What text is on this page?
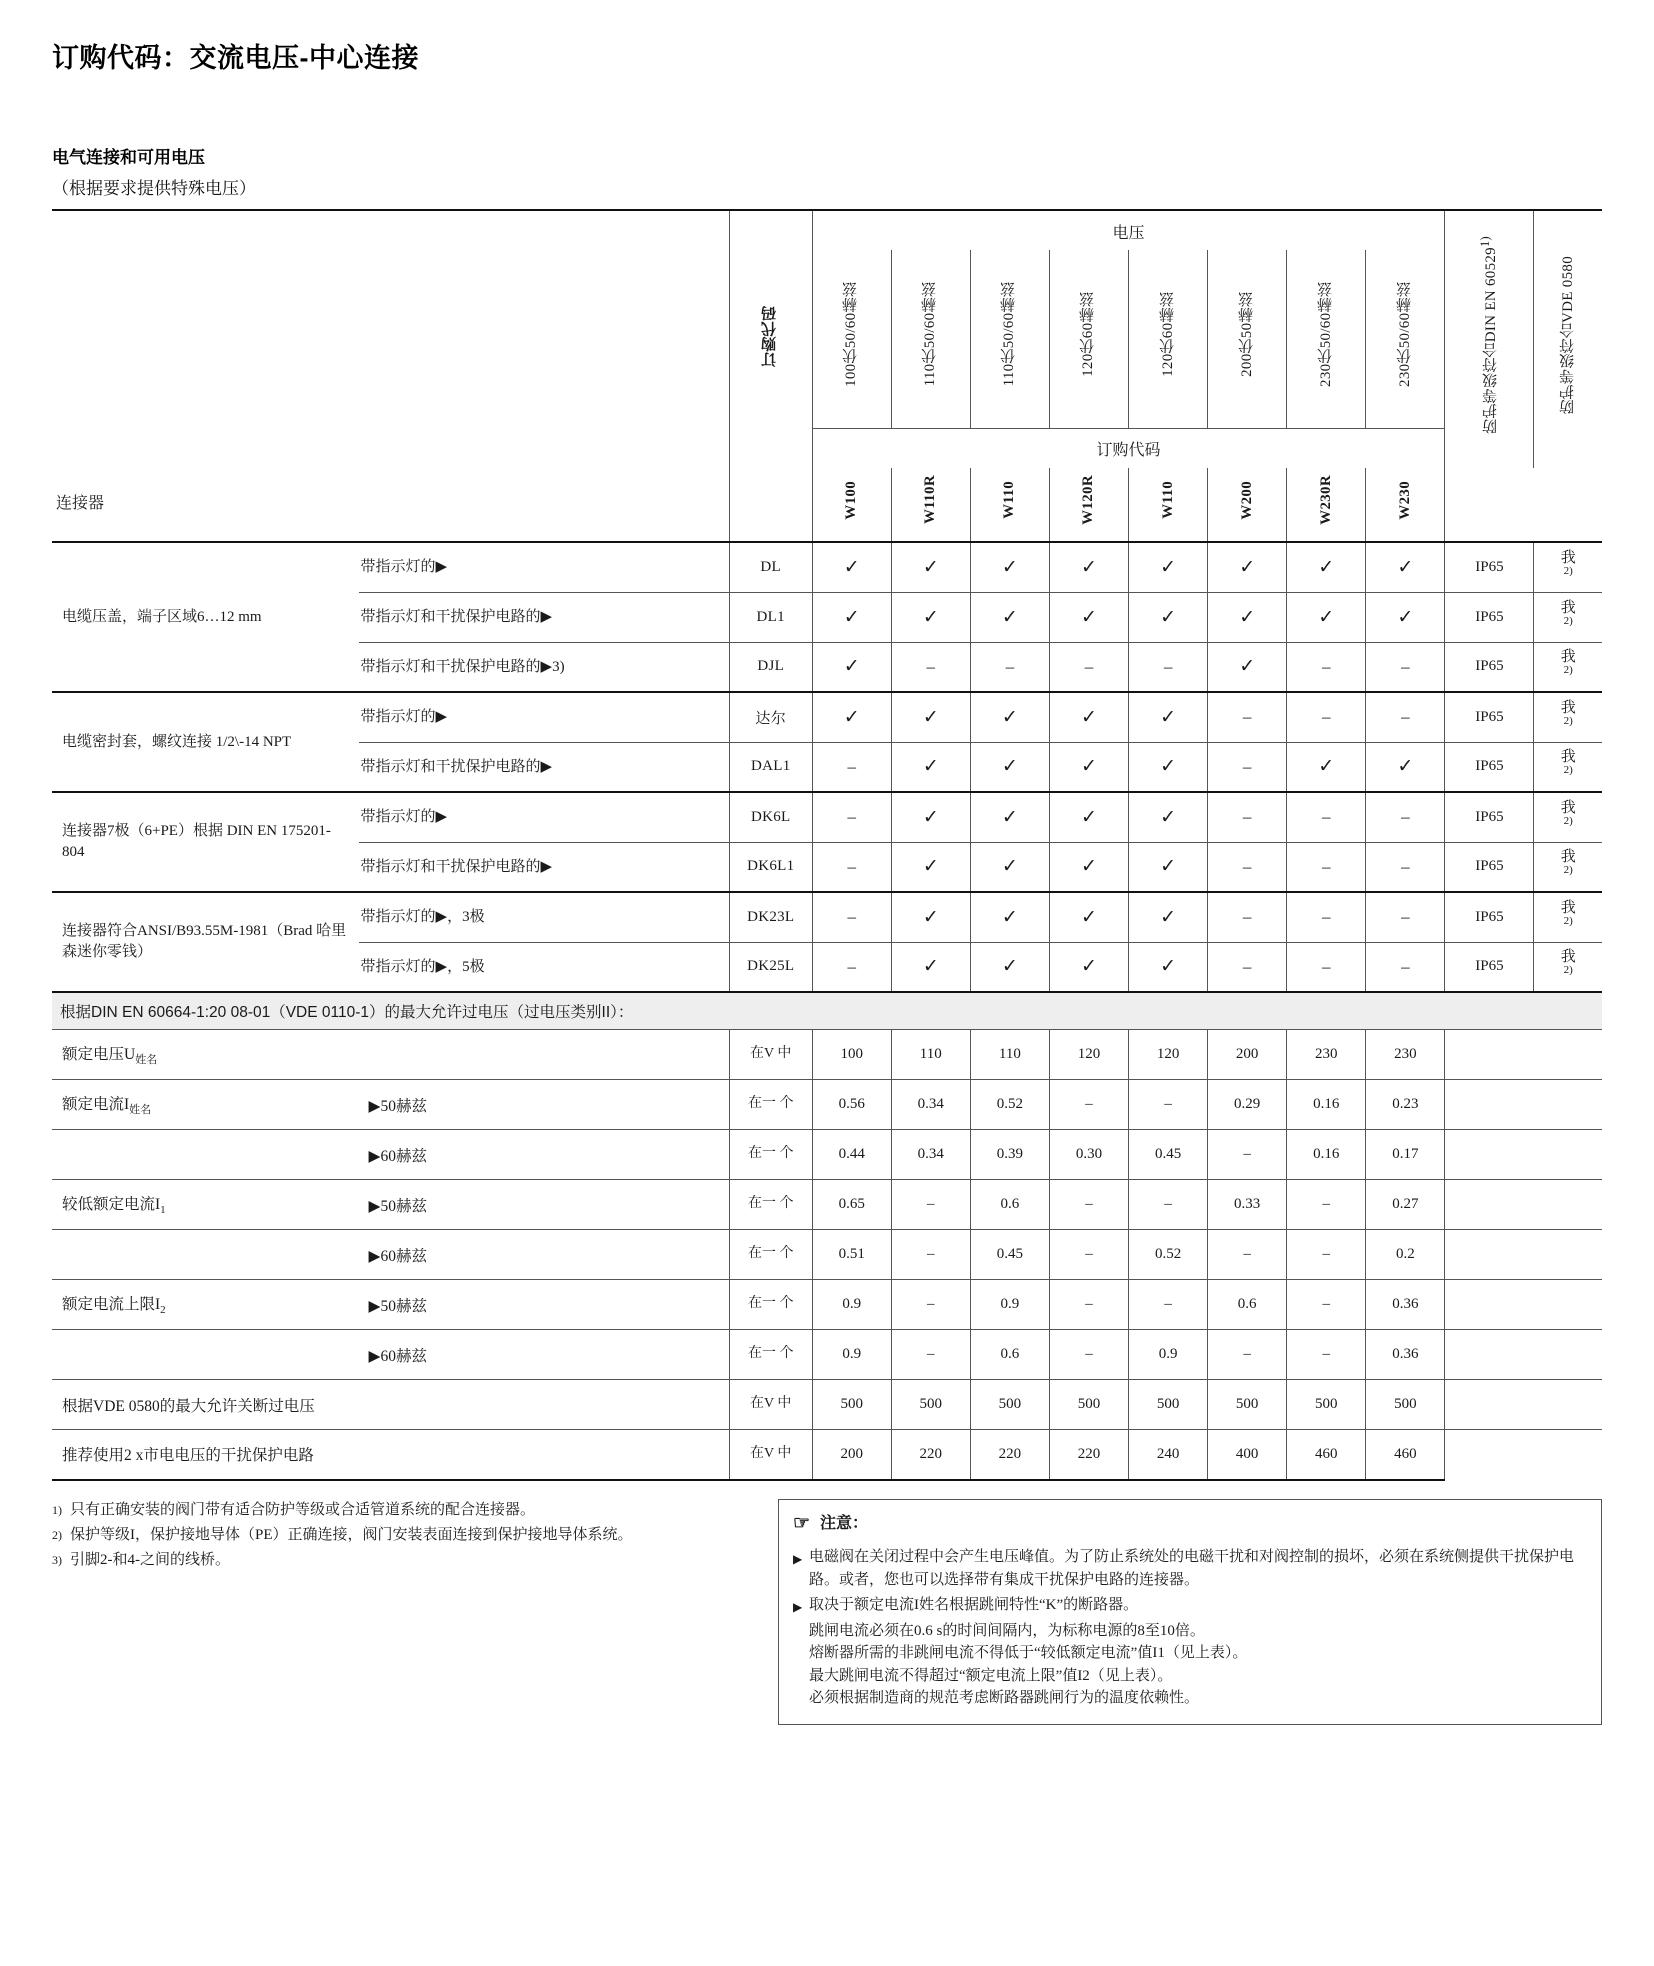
订购代码：交流电压-中心连接
电气连接和可用电压
（根据要求提供特殊电压）
		订购代码	电压								防护等级符合DIN EN 60529$^{1)}$	防护等级符合VDE 0580
			100伏50/60赫兹	110伏50/60赫兹	110伏50/60赫兹	120伏60赫兹	120伏60赫兹	200伏50赫兹	230伏50/60赫兹	230伏50/60赫兹		
			订购代码									
连接器			W100	W110R	W110	W120R	W110	W200	W230R	W230		
电缆压盖，端子区域6…12 mm	带指示灯的▶	DL	✓	✓	✓	✓	✓	✓	✓	✓	IP65	我
$^{2)}$
	带指示灯和干扰保护电路的▶	DL1	✓	✓	✓	✓	✓	✓	✓	✓	IP65	我
$^{2)}$
	带指示灯和干扰保护电路的▶3)	DJL	✓	–	–	–	–	✓	–	–	IP65	我
$^{2)}$
电缆密封套，螺纹连接 1/2\-14 NPT	带指示灯的▶	达尔	✓	✓	✓	✓	✓	–	–	–	IP65	我
$^{2)}$
	带指示灯和干扰保护电路的▶	DAL1	–	✓	✓	✓	✓	–	✓	✓	IP65	我
$^{2)}$
连接器7极（6+PE）根据 DIN EN 175201-804	带指示灯的▶	DK6L	–	✓	✓	✓	✓	–	–	–	IP65	我
$^{2)}$
	带指示灯和干扰保护电路的▶	DK6L1	–	✓	✓	✓	✓	–	–	–	IP65	我
$^{2)}$
连接器符合ANSI/B93.55M-1981（Brad 哈里森迷你零钱）	带指示灯的▶，3极	DK23L	–	✓	✓	✓	✓	–	–	–	IP65	我
$^{2)}$
	带指示灯的▶，5极	DK25L	–	✓	✓	✓	✓	–	–	–	IP65	我
$^{2)}$
根据DIN EN 60664-1:20 08-01（VDE 0110-1）的最大允许过电压（过电压类别II）：												
额定电压$U_{姓名}$		在V 中	100	110	110	120	120	200	230	230		
额定电流$I_{姓名}$	▶50赫兹	在一 个	0.56	0.34	0.52	–	–	0.29	0.16	0.23		
	▶60赫兹	在一 个	0.44	0.34	0.39	0.30	0.45	–	0.16	0.17		
较低额定电流$I_1$	▶50赫兹	在一 个	0.65	–	0.6	–	–	0.33	–	0.27		
	▶60赫兹	在一 个	0.51	–	0.45	–	0.52	–	–	0.2		
额定电流上限$I_2$	▶50赫兹	在一 个	0.9	–	0.9	–	–	0.6	–	0.36		
	▶60赫兹	在一 个	0.9	–	0.6	–	0.9	–	–	0.36		
根据VDE 0580的最大允许关断过电压		在V 中	500	500	500	500	500	500	500	500		
推荐使用2 x市电电压的干扰保护电路		在V 中	200	220	220	220	240	400	460	460		

1) 只有正确安装的阀门带有适合防护等级或合适管道系统的配合连接器。
2) 保护等级I，保护接地导体（PE）正确连接，阀门安装表面连接到保护接地导体系统。
3) 引脚2-和4-之间的线桥。
☞ 注意：
▶ 电磁阀在关闭过程中会产生电压峰值。为了防止系统处的电磁干扰和对阀控制的损坏，必须在系统侧提供干扰保护电路。或者，您也可以选择带有集成干扰保护电路的连接器。
▶ 取决于额定电流I姓名根据跳闸特性“K”的断路器。
跳闸电流必须在0.6 s的时间间隔内，为标称电源的8至10倍。
熔断器所需的非跳闸电流不得低于“较低额定电流”值I1（见上表）。
最大跳闸电流不得超过“额定电流上限”值I2（见上表）。
必须根据制造商的规范考虑断路器跳闸行为的温度依赖性。
